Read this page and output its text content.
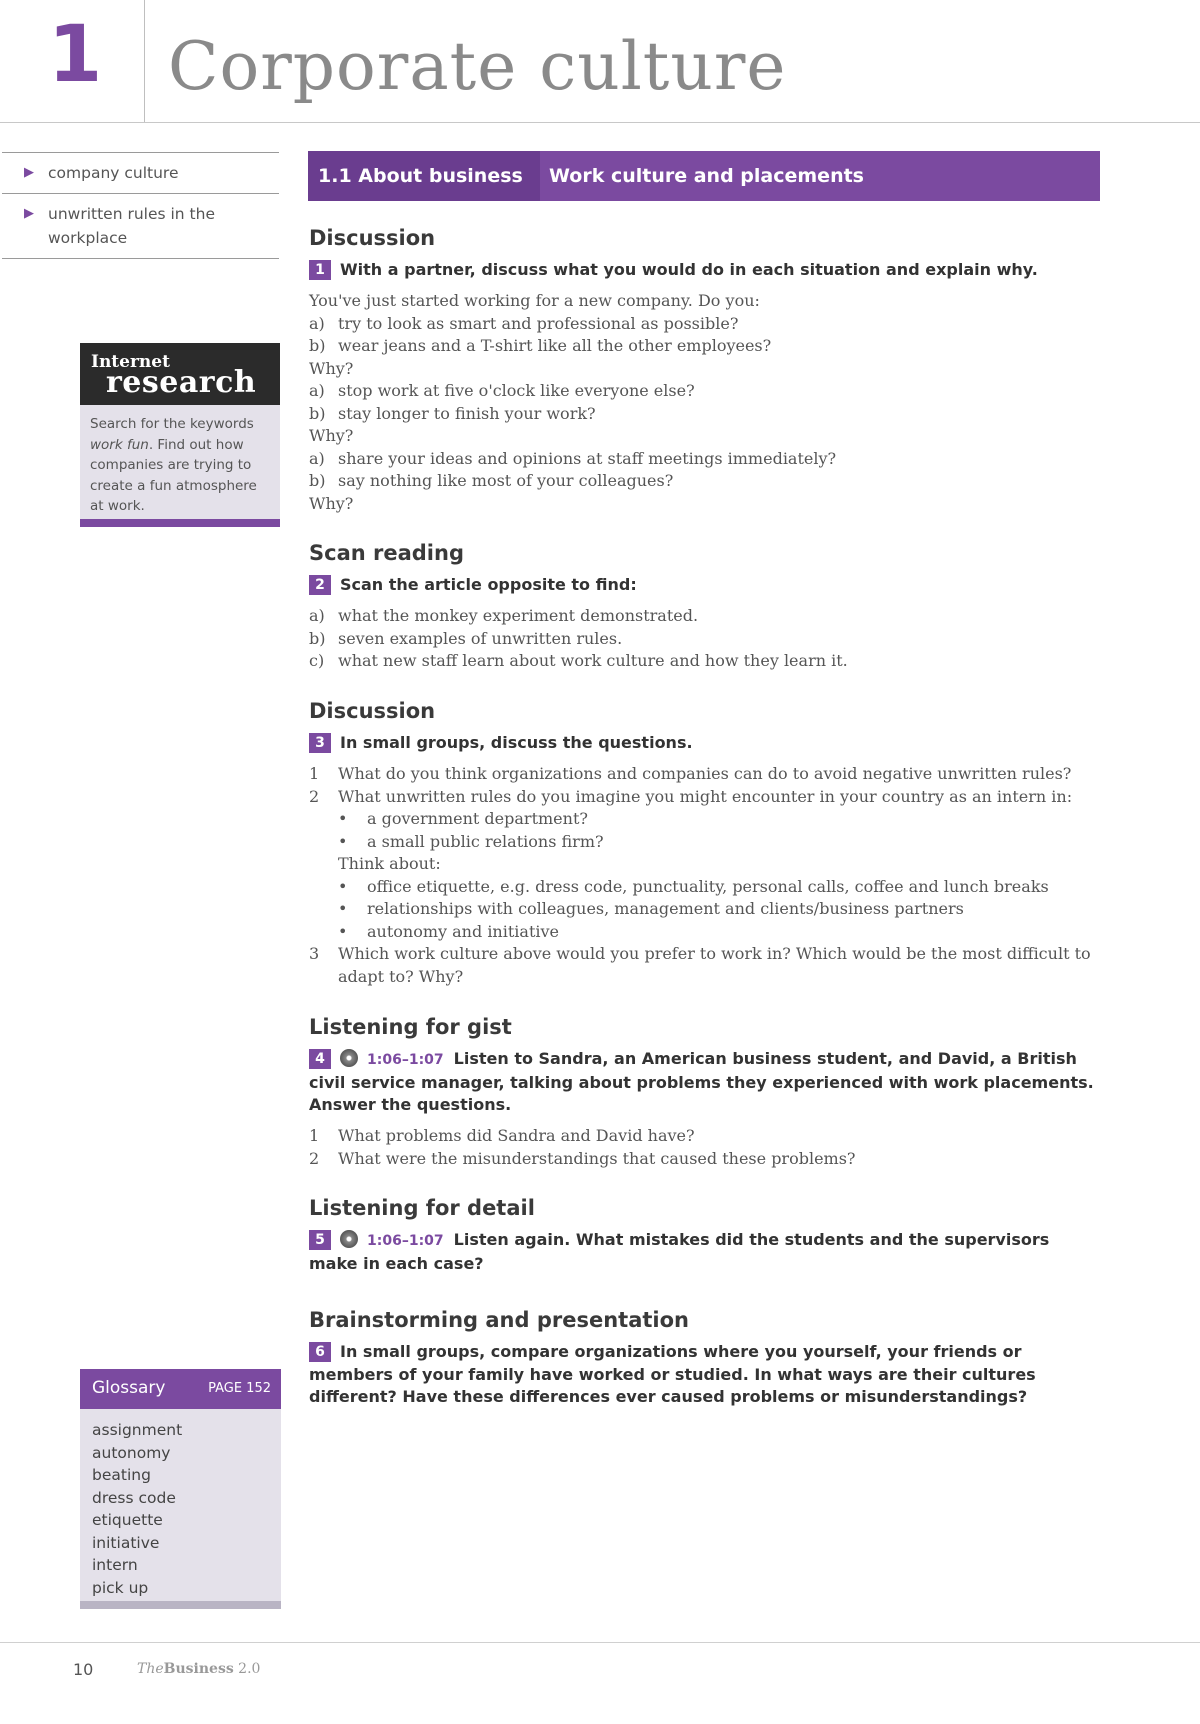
1 Corporate culture
▶ company culture
▶ unwritten rules in the workplace
Internet
research
Search for the keywords work fun. Find out how companies are trying to create a fun atmosphere at work.
Glossary	PAGE 152
assignment
autonomy
beating
dress code
etiquette
initiative
intern
pick up
1.1 About business	Work culture and placements
Discussion
1 With a partner, discuss what you would do in each situation and explain why.
You've just started working for a new company. Do you:
a) try to look as smart and professional as possible?
b) wear jeans and a T-shirt like all the other employees?
Why?
a) stop work at five o'clock like everyone else?
b) stay longer to finish your work?
Why?
a) share your ideas and opinions at staff meetings immediately?
b) say nothing like most of your colleagues?
Why?
Scan reading
2 Scan the article opposite to find:
a) what the monkey experiment demonstrated.
b) seven examples of unwritten rules.
c) what new staff learn about work culture and how they learn it.
Discussion
3 In small groups, discuss the questions.
1	What do you think organizations and companies can do to avoid negative unwritten rules?
2	What unwritten rules do you imagine you might encounter in your country as an intern in:
•	a government department?
•	a small public relations firm?
Think about:
•	office etiquette, e.g. dress code, punctuality, personal calls, coffee and lunch breaks
•	relationships with colleagues, management and clients/business partners
•	autonomy and initiative
3	Which work culture above would you prefer to work in? Which would be the most difficult to adapt to? Why?
Listening for gist
4	1:06–1:07 Listen to Sandra, an American business student, and David, a British civil service manager, talking about problems they experienced with work placements. Answer the questions.
1	What problems did Sandra and David have?
2	What were the misunderstandings that caused these problems?
Listening for detail
5	1:06–1:07 Listen again. What mistakes did the students and the supervisors make in each case?
Brainstorming and presentation
6 In small groups, compare organizations where you yourself, your friends or members of your family have worked or studied. In what ways are their cultures different? Have these differences ever caused problems or misunderstandings?
10	TheBusiness 2.0
